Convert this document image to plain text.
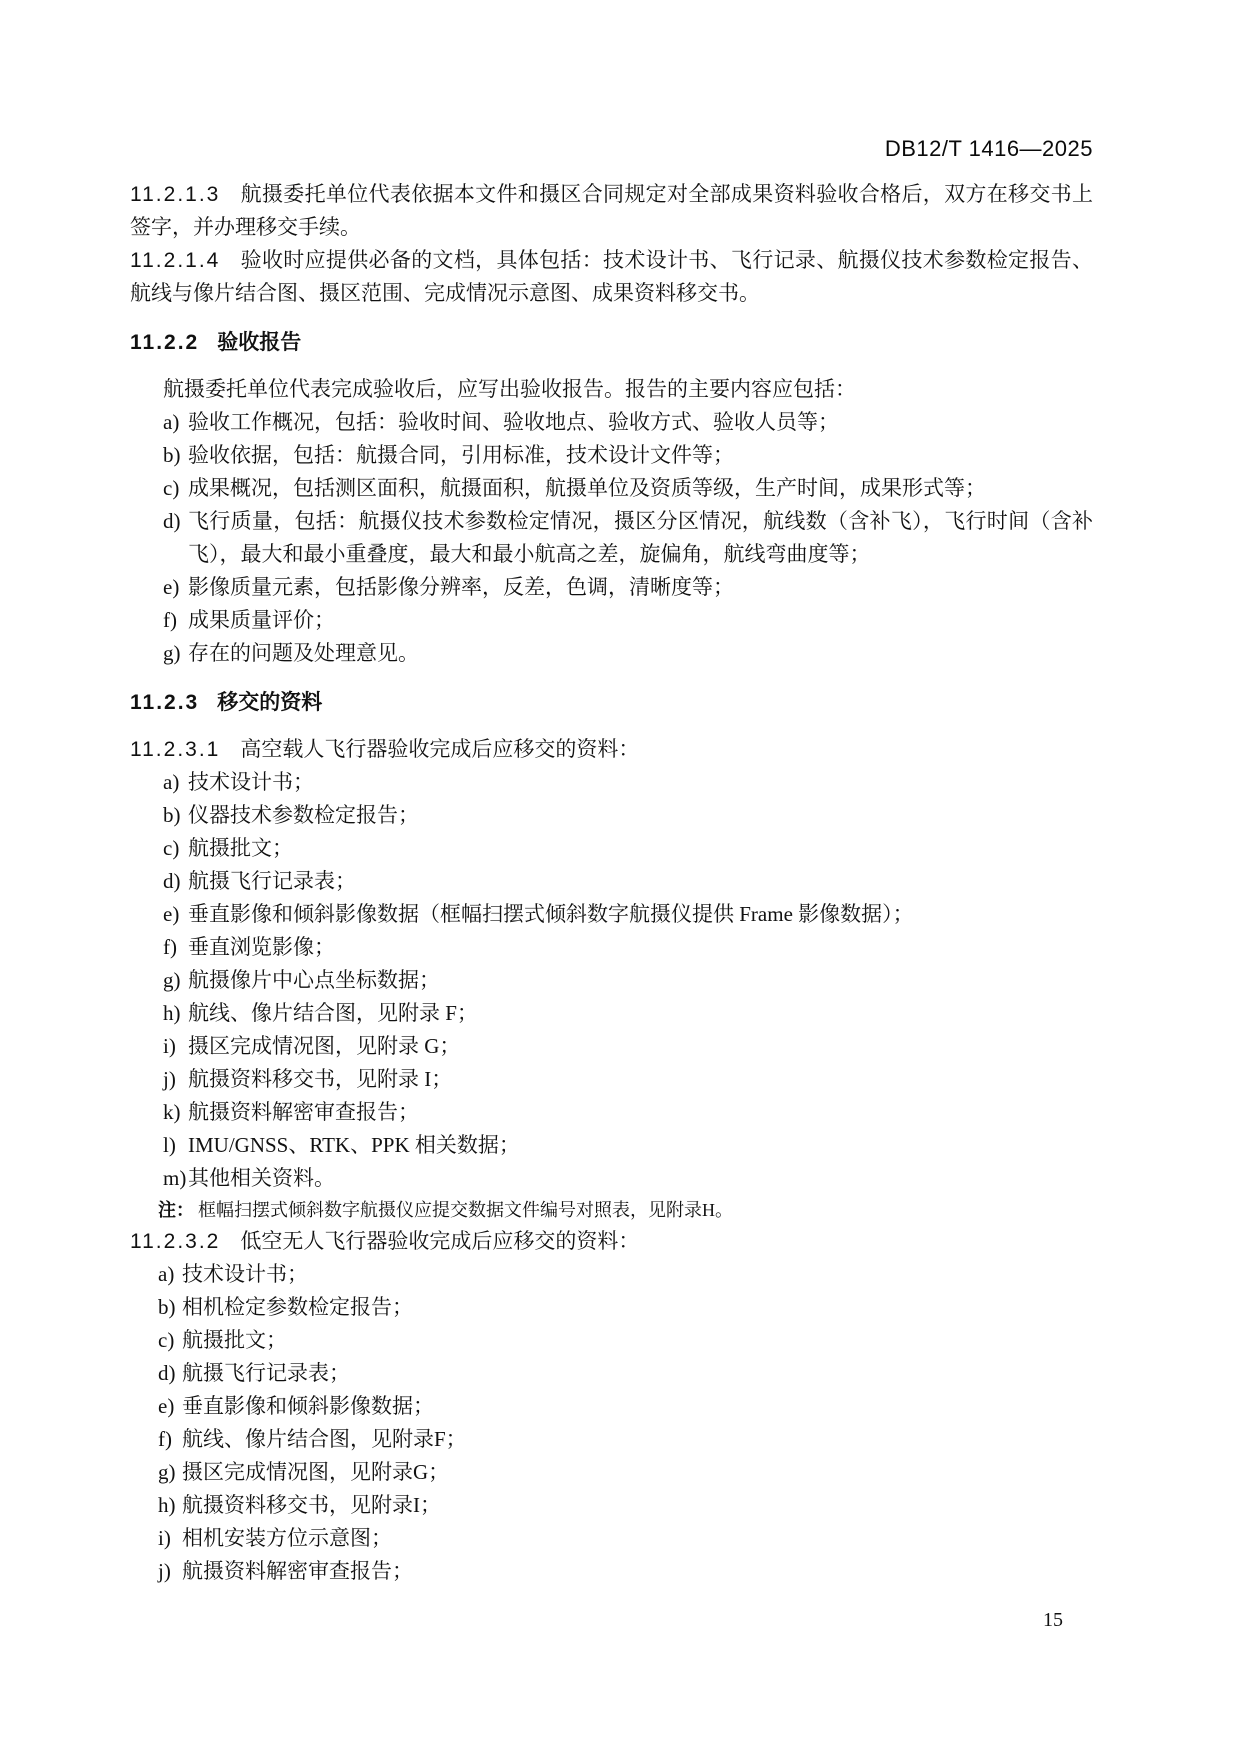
DB12/T 1416—2025

11.2.1.3 航摄委托单位代表依据本文件和摄区合同规定对全部成果资料验收合格后，双方在移交书上签字，并办理移交手续。

11.2.1.4 验收时应提供必备的文档，具体包括：技术设计书、飞行记录、航摄仪技术参数检定报告、航线与像片结合图、摄区范围、完成情况示意图、成果资料移交书。

11.2.2 验收报告

航摄委托单位代表完成验收后，应写出验收报告。报告的主要内容应包括：

a) 验收工作概况，包括：验收时间、验收地点、验收方式、验收人员等；
b) 验收依据，包括：航摄合同，引用标准，技术设计文件等；
c) 成果概况，包括测区面积，航摄面积，航摄单位及资质等级，生产时间，成果形式等；
d) 飞行质量，包括：航摄仪技术参数检定情况，摄区分区情况，航线数（含补飞），飞行时间（含补飞），最大和最小重叠度，最大和最小航高之差，旋偏角，航线弯曲度等；
e) 影像质量元素，包括影像分辨率，反差，色调，清晰度等；
f) 成果质量评价；
g) 存在的问题及处理意见。
11.2.3 移交的资料

11.2.3.1 高空载人飞行器验收完成后应移交的资料：

a) 技术设计书；
b) 仪器技术参数检定报告；
c) 航摄批文；
d) 航摄飞行记录表；
e) 垂直影像和倾斜影像数据（框幅扫摆式倾斜数字航摄仪提供 Frame 影像数据）；
f) 垂直浏览影像；
g) 航摄像片中心点坐标数据；
h) 航线、像片结合图，见附录 F；
i) 摄区完成情况图，见附录 G；
j) 航摄资料移交书，见附录 I；
k) 航摄资料解密审查报告；
l) IMU/GNSS、RTK、PPK 相关数据；
m) 其他相关资料。

注： 框幅扫摆式倾斜数字航摄仪应提交数据文件编号对照表，见附录H。

11.2.3.2 低空无人飞行器验收完成后应移交的资料：

a) 技术设计书；
b) 相机检定参数检定报告；
c) 航摄批文；
d) 航摄飞行记录表；
e) 垂直影像和倾斜影像数据；
f) 航线、像片结合图，见附录F；
g) 摄区完成情况图，见附录G；
h) 航摄资料移交书，见附录I；
i) 相机安装方位示意图；
j) 航摄资料解密审查报告；
15
